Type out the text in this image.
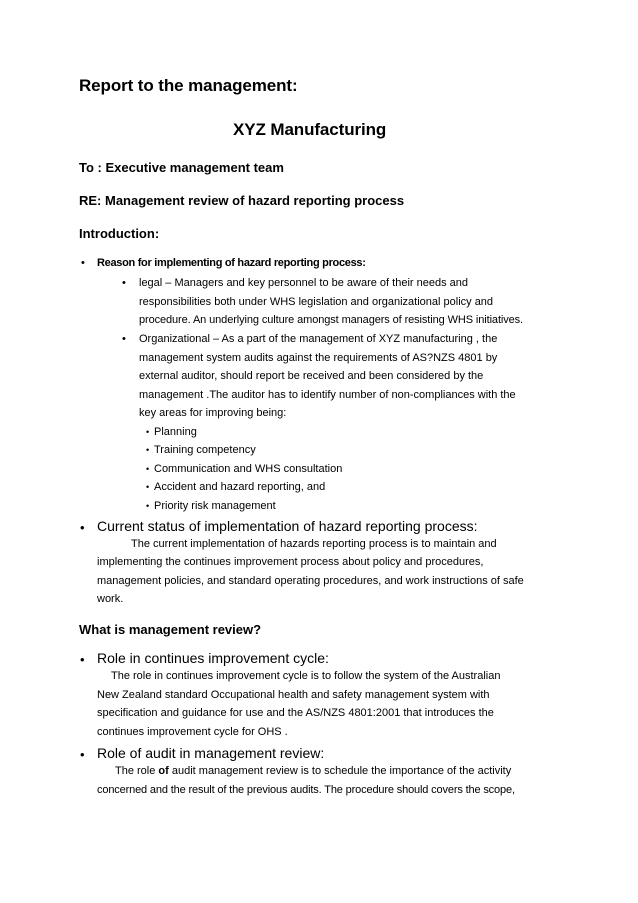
Report to the management:
XYZ Manufacturing
To : Executive management team
RE: Management review of hazard reporting process
Introduction:
• Reason for implementing of hazard reporting process:
• legal – Managers and key personnel to be aware of their needs and
responsibilities both under WHS legislation and organizational policy and
procedure. An underlying culture amongst managers of resisting WHS initiatives.
• Organizational – As a part of the management of XYZ manufacturing , the
management system audits against the requirements of AS?NZS 4801 by
external auditor, should report be received and been considered by the
management .The auditor has to identify number of non-compliances with the
key areas for improving being:
• Planning
• Training competency
• Communication and WHS consultation
• Accident and hazard reporting, and
• Priority risk management
• Current status of implementation of hazard reporting process:
The current implementation of hazards reporting process is to maintain and
implementing the continues improvement process about policy and procedures,
management policies, and standard operating procedures, and work instructions of safe
work.
What is management review?
• Role in continues improvement cycle:
The role in continues improvement cycle is to follow the system of the Australian
New Zealand standard Occupational health and safety management system with
specification and guidance for use and the AS/NZS 4801:2001 that introduces the
continues improvement cycle for OHS .
• Role of audit in management review:
The role of audit management review is to schedule the importance of the activity
concerned and the result of the previous audits. The procedure should covers the scope,
